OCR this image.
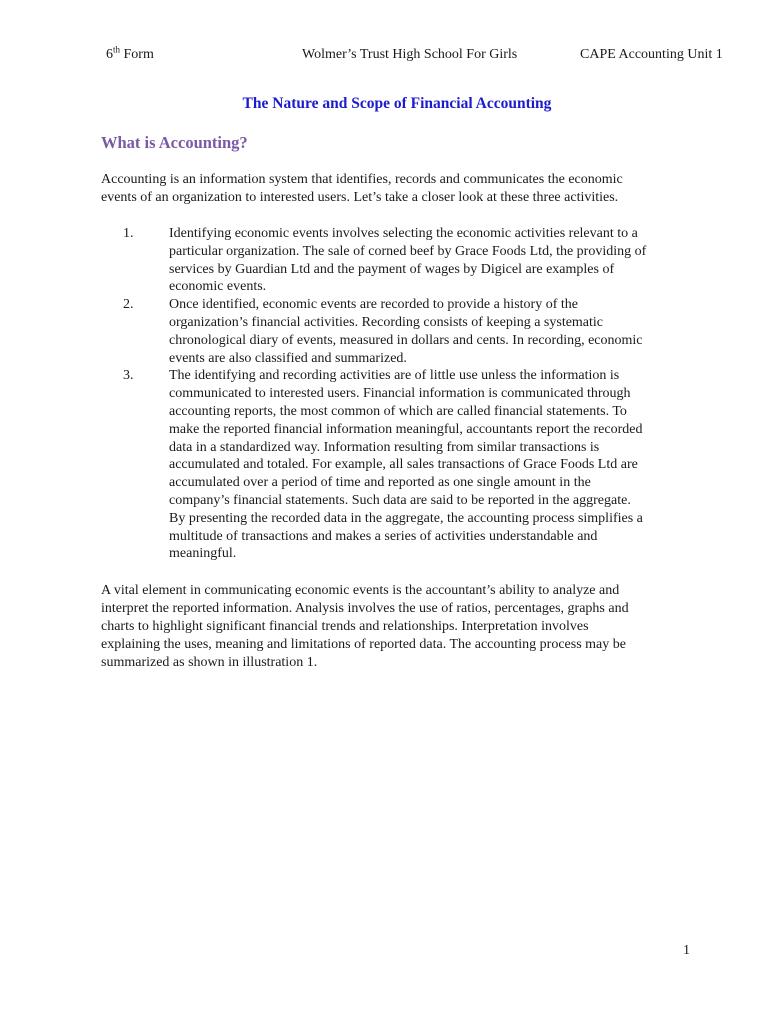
6th Form	Wolmer’s Trust High School For Girls	CAPE Accounting Unit 1
The Nature and Scope of Financial Accounting
What is Accounting?

Accounting is an information system that identifies, records and communicates the economic
events of an organization to interested users. Let’s take a closer look at these three activities.

1.	Identifying economic events involves selecting the economic activities relevant to a
particular organization. The sale of corned beef by Grace Foods Ltd, the providing of
services by Guardian Ltd and the payment of wages by Digicel are examples of
economic events.
2.	Once identified, economic events are recorded to provide a history of the
organization’s financial activities. Recording consists of keeping a systematic
chronological diary of events, measured in dollars and cents. In recording, economic
events are also classified and summarized.
3.	The identifying and recording activities are of little use unless the information is
communicated to interested users. Financial information is communicated through
accounting reports, the most common of which are called financial statements. To
make the reported financial information meaningful, accountants report the recorded
data in a standardized way. Information resulting from similar transactions is
accumulated and totaled. For example, all sales transactions of Grace Foods Ltd are
accumulated over a period of time and reported as one single amount in the
company’s financial statements. Such data are said to be reported in the aggregate.
By presenting the recorded data in the aggregate, the accounting process simplifies a
multitude of transactions and makes a series of activities understandable and
meaningful.

A vital element in communicating economic events is the accountant’s ability to analyze and
interpret the reported information. Analysis involves the use of ratios, percentages, graphs and
charts to highlight significant financial trends and relationships. Interpretation involves
explaining the uses, meaning and limitations of reported data. The accounting process may be
summarized as shown in illustration 1.

1
